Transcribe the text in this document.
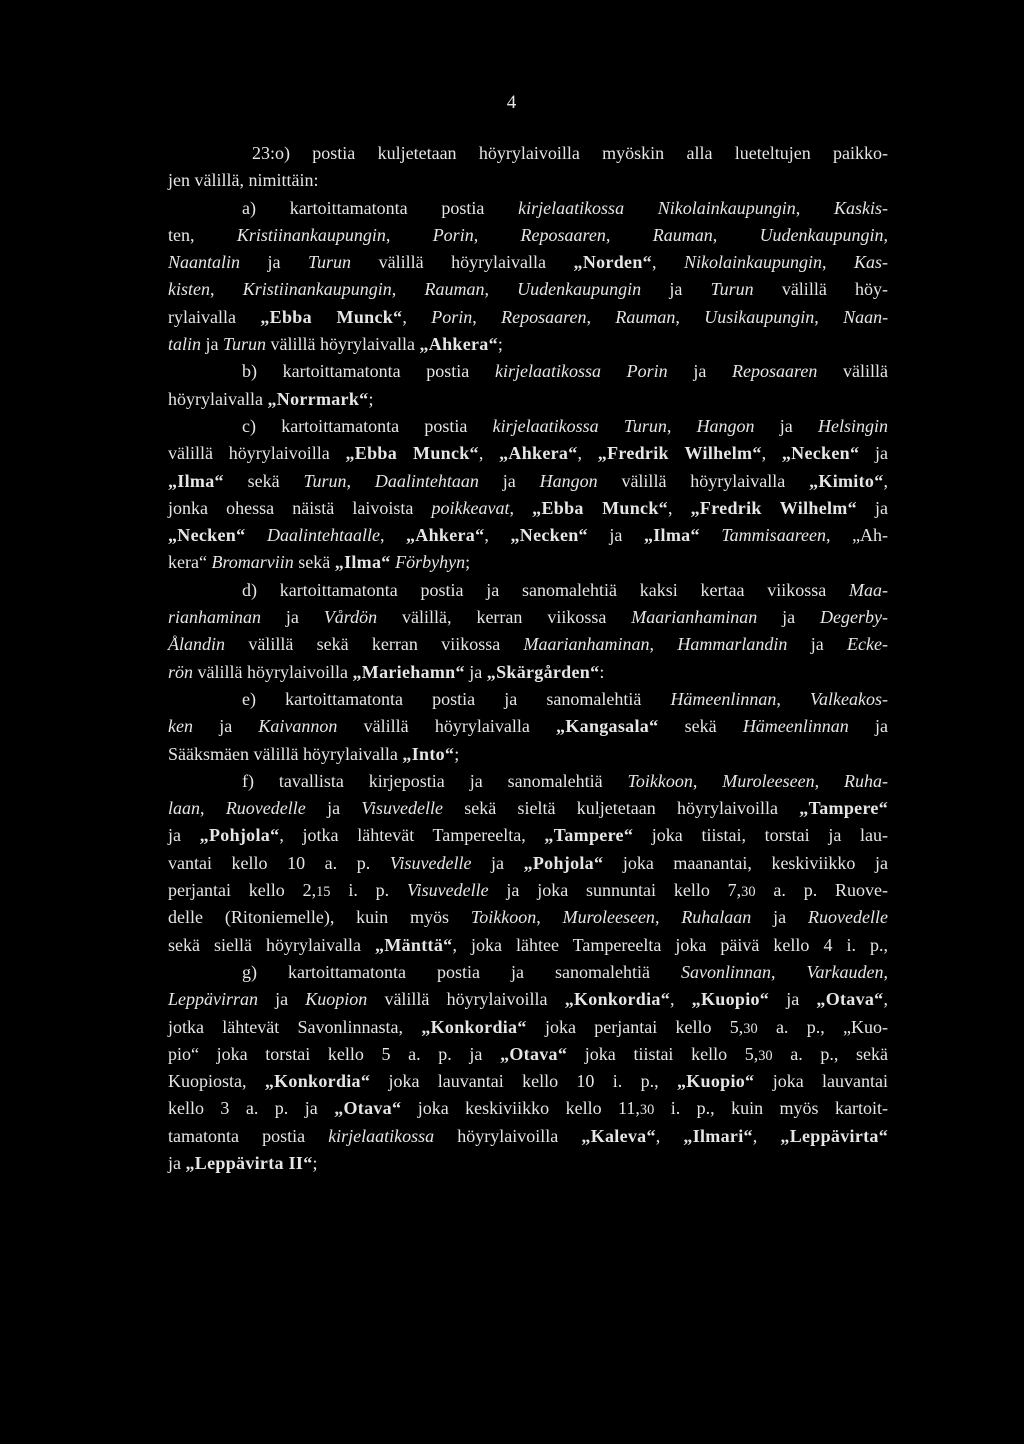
4
23:o) postia kuljetetaan höyrylaivoilla myöskin alla lueteltujen paikko-
jen välillä, nimittäin:
a) kartoittamatonta postia kirjelaatikossa Nikolainkaupungin, Kaskis-
ten, Kristiinankaupungin, Porin, Reposaaren, Rauman, Uudenkaupungin,
Naantalin ja Turun välillä höyrylaivalla „Norden“, Nikolainkaupungin, Kas-
kisten, Kristiinankaupungin, Rauman, Uudenkaupungin ja Turun välillä höy-
rylaivalla „Ebba Munck“, Porin, Reposaaren, Rauman, Uusikaupungin, Naan-
talin ja Turun välillä höyrylaivalla „Ahkera“;
b) kartoittamatonta postia kirjelaatikossa Porin ja Reposaaren välillä
höyrylaivalla „Norrmark“;
c) kartoittamatonta postia kirjelaatikossa Turun, Hangon ja Helsingin
välillä höyrylaivoilla „Ebba Munck“, „Ahkera“, „Fredrik Wilhelm“, „Necken“ ja
„Ilma“ sekä Turun, Daalintehtaan ja Hangon välillä höyrylaivalla „Kimito“,
jonka ohessa näistä laivoista poikkeavat, „Ebba Munck“, „Fredrik Wilhelm“ ja
„Necken“ Daalintehtaalle, „Ahkera“, „Necken“ ja „Ilma“ Tammisaareen, „Ah-
kera“ Bromarviin sekä „Ilma“ Förbyhyn;
d) kartoittamatonta postia ja sanomalehtiä kaksi kertaa viikossa Maa-
rianhaminan ja Vårdön välillä, kerran viikossa Maarianhaminan ja Degerby-
Ålandin välillä sekä kerran viikossa Maarianhaminan, Hammarlandin ja Ecke-
rön välillä höyrylaivoilla „Mariehamn“ ja „Skärgården“:
e) kartoittamatonta postia ja sanomalehtiä Hämeenlinnan, Valkeakos-
ken ja Kaivannon välillä höyrylaivalla „Kangasala“ sekä Hämeenlinnan ja
Sääksmäen välillä höyrylaivalla „Into“;
f) tavallista kirjepostia ja sanomalehtiä Toikkoon, Muroleeseen, Ruha-
laan, Ruovedelle ja Visuvedelle sekä sieltä kuljetetaan höyrylaivoilla „Tampere“
ja „Pohjola“, jotka lähtevät Tampereelta, „Tampere“ joka tiistai, torstai ja lau-
vantai kello 10 a. p. Visuvedelle ja „Pohjola“ joka maanantai, keskiviikko ja
perjantai kello 2,15 i. p. Visuvedelle ja joka sunnuntai kello 7,30 a. p. Ruove-
delle (Ritoniemelle), kuin myös Toikkoon, Muroleeseen, Ruhalaan ja Ruovedelle
sekä siellä höyrylaivalla „Mänttä“, joka lähtee Tampereelta joka päivä kello 4 i. p.,
g) kartoittamatonta postia ja sanomalehtiä Savonlinnan, Varkauden,
Leppävirran ja Kuopion välillä höyrylaivoilla „Konkordia“, „Kuopio“ ja „Otava“,
jotka lähtevät Savonlinnasta, „Konkordia“ joka perjantai kello 5,30 a. p., „Kuo-
pio“ joka torstai kello 5 a. p. ja „Otava“ joka tiistai kello 5,30 a. p., sekä
Kuopiosta, „Konkordia“ joka lauvantai kello 10 i. p., „Kuopio“ joka lauvantai
kello 3 a. p. ja „Otava“ joka keskiviikko kello 11,30 i. p., kuin myös kartoit-
tamatonta postia kirjelaatikossa höyrylaivoilla „Kaleva“, „Ilmari“, „Leppävirta“
ja „Leppävirta II“;
